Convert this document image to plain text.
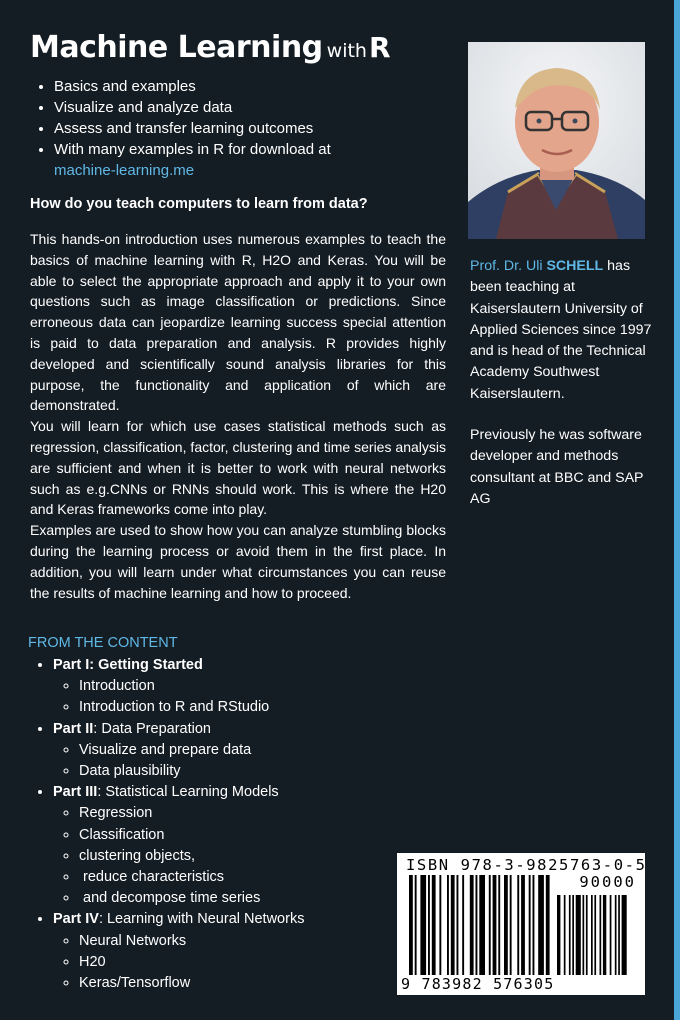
Machine Learning withR
• Basics and examples
• Visualize and analyze data
• Assess and transfer learning outcomes
• With many examples in R for download at
machine-learning.me
How do you teach computers to learn from data?

This hands-on introduction uses numerous examples to teach the basics of machine learning with R, H2O and Keras. You will be able to select the appropriate approach and apply it to your own questions such as image classification or predictions. Since erroneous data can jeopardize learning success special attention is paid to data preparation and analysis. R provides highly developed and scientifically sound analysis libraries for this purpose, the functionality and application of which are demonstrated.

You will learn for which use cases statistical methods such as regression, classification, factor, clustering and time series analysis are sufficient and when it is better to work with neural networks such as e.g.CNNs or RNNs should work. This is where the H20 and Keras frameworks come into play.

Examples are used to show how you can analyze stumbling blocks during the learning process or avoid them in the first place. In addition, you will learn under what circumstances you can reuse the results of machine learning and how to proceed.

Prof. Dr. Uli SCHELL has been teaching at Kaiserslautern University of Applied Sciences since 1997 and is head of the Technical Academy Southwest Kaiserslautern.

Previously he was software developer and methods consultant at BBC and SAP AG

FROM THE CONTENT
• Part I: Getting Started
◦ Introduction
◦ Introduction to R and RStudio
• Part II: Data Preparation
◦ Visualize and prepare data
◦ Data plausibility
• Part III: Statistical Learning Models
◦ Regression
◦ Classification
◦ clustering objects,
◦  reduce characteristics
◦  and decompose time series
• Part IV: Learning with Neural Networks
◦ Neural Networks
◦ H20
◦ Keras/Tensorflow
ISBN 978-3-9825763-0-5
90000
9 783982 576305
